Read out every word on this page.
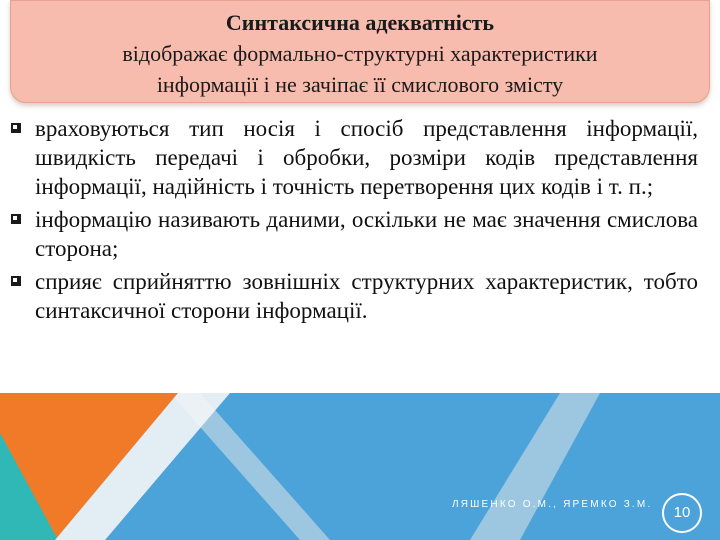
Синтаксична адекватність
відображає формально-структурні характеристики
інформації і не зачіпає її смислового змісту
враховуються тип носія і спосіб представлення інформації, швидкість передачі і обробки, розміри кодів представлення інформації, надійність і точність перетворення цих кодів і т. п.;
інформацію називають даними, оскільки не має значення смислова сторона;
сприяє сприйняттю зовнішніх структурних характеристик, тобто синтаксичної сторони інформації.
ЛЯШЕНКО О.М., ЯРЕМКО З.М.	10
